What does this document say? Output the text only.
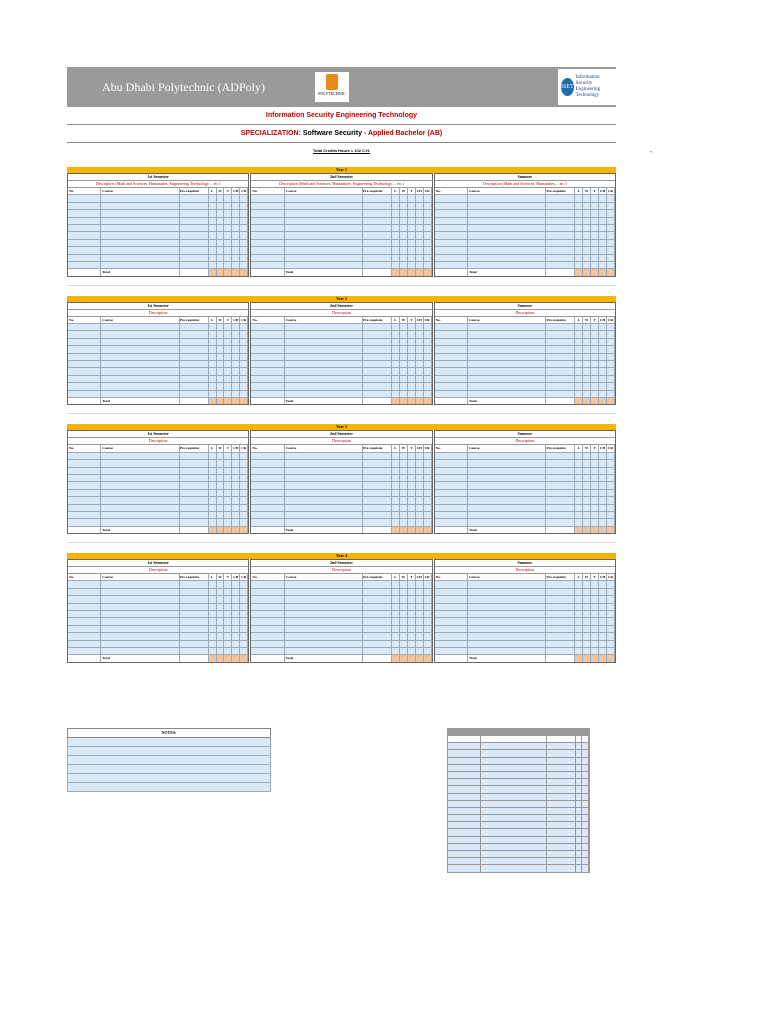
Abu Dhabi Polytechnic (ADPoly)	POLYTECHNIC
ISET
Information Security Engineering Technology
Information Security Engineering Technology
SPECIALIZATION: Software Security - Applied Bachelor (AB)
Total Credits Hours = 102 C.H.
Year 1
1st Semester
Description (Math and Sciences, Humanities, Engineering Technology.... etc.)
No.	Course	Pre-requisite	L	W	T	CH CR
Total
2nd Semester
Description (Math and Sciences, Humanities, Engineering Technology.... etc.)
No.	Course	Pre-requisite	L	W	T	CH CR
Total
Summer
Description (Math and Sciences, Humanities.... etc.)
No.	Course	Pre-requisite	L	W	T	CH CR
Total
Year 2
1st Semester
Description
No.	Course	Pre-requisite	L	W	T	CH CR
Total
2nd Semester
Description
No.	Course	Pre-requisite	L	W	T	CH CR
Total
Summer
Description
No.	Course	Pre-requisite	L	W	T	CH CR
Total
Year 3
1st Semester
Description
No.	Course	Pre-requisite	L	W	T	CH CR
Total
2nd Semester
Description
No.	Course	Pre-requisite	L	W	T	CH CR
Total
Summer
Description
No.	Course	Pre-requisite	L	W	T	CH CR
Total
Year 4
1st Semester
Description
No.	Course	Pre-requisite	L	W	T	CH CR
Total
2nd Semester
Description
No.	Course	Pre-requisite	L	W	T	CH CR
Total
Summer
Description
No.	Course	Pre-requisite	L	W	T	CH CR
Total
•
NOTES:
